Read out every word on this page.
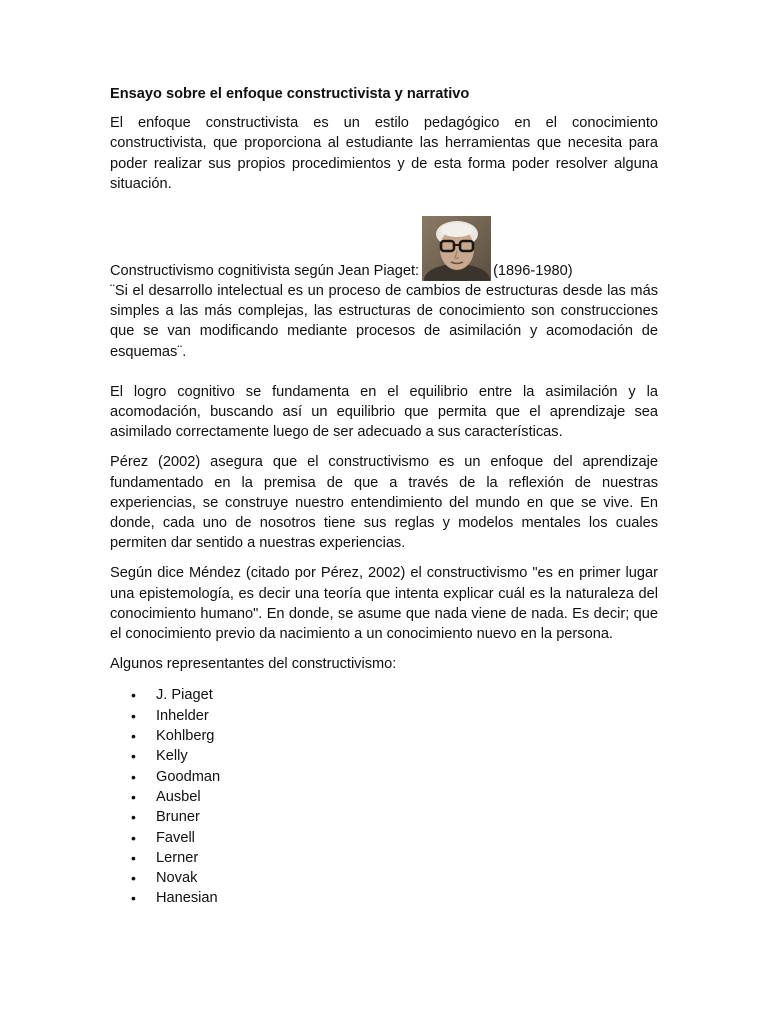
Ensayo sobre el enfoque constructivista y narrativo

El enfoque constructivista es un estilo pedagógico en el conocimiento constructivista, que proporciona al estudiante las herramientas que necesita para poder realizar sus propios procedimientos y de esta forma poder resolver alguna situación.

Constructivismo cognitivista según Jean Piaget:	(1896-1980)

¨Si el desarrollo intelectual es un proceso de cambios de estructuras desde las más simples a las más complejas, las estructuras de conocimiento son construcciones que se van modificando mediante procesos de asimilación y acomodación de esquemas¨.

El logro cognitivo se fundamenta en el equilibrio entre la asimilación y la acomodación, buscando así un equilibrio que permita que el aprendizaje sea asimilado correctamente luego de ser adecuado a sus características.

Pérez (2002) asegura que el constructivismo es un enfoque del aprendizaje fundamentado en la premisa de que a través de la reflexión de nuestras experiencias, se construye nuestro entendimiento del mundo en que se vive. En donde, cada uno de nosotros tiene sus reglas y modelos mentales los cuales permiten dar sentido a nuestras experiencias.

Según dice Méndez (citado por Pérez, 2002) el constructivismo "es en primer lugar una epistemología, es decir una teoría que intenta explicar cuál es la naturaleza del conocimiento humano". En donde, se asume que nada viene de nada. Es decir; que el conocimiento previo da nacimiento a un conocimiento nuevo en la persona.

Algunos representantes del constructivismo:

• J. Piaget
• Inhelder
• Kohlberg
• Kelly
• Goodman
• Ausbel
• Bruner
• Favell
• Lerner
• Novak
• Hanesian
